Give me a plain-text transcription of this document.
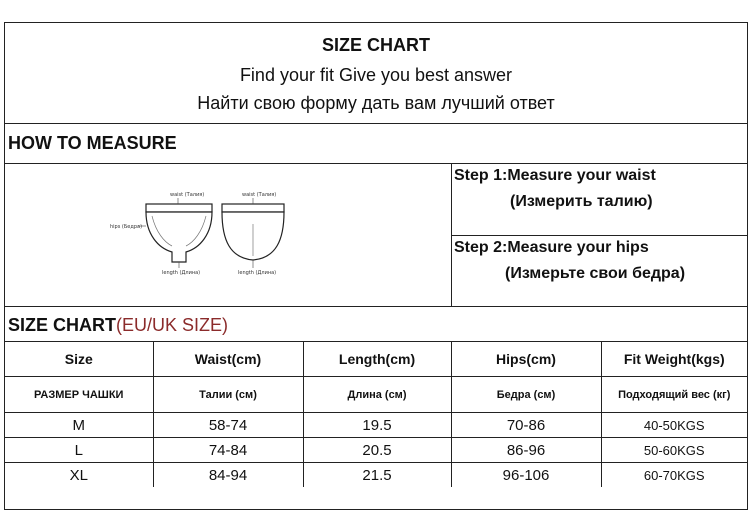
SIZE CHART
Find your fit Give you best answer
Найти свою форму дать вам лучший ответ
HOW TO MEASURE
Step 1:Measure your waist
(Измерить талию)
Step 2:Measure your hips
(Измерьте свои бедра)
SIZE CHART(EU/UK SIZE)
Size	Waist(cm)	Length(cm)	Hips(cm)	Fit Weight(kgs)
РАЗМЕР ЧАШКИ	Талии (см)	Длина (см)	Бедра (см)	Подходящий вес (кг)
M	58-74	19.5	70-86	40-50KGS
L	74-84	20.5	86-96	50-60KGS
XL	84-94	21.5	96-106	60-70KGS
waist (Талия)	waist (Талия)
hips (Бедра)
length (Длина)	length (Длина)
